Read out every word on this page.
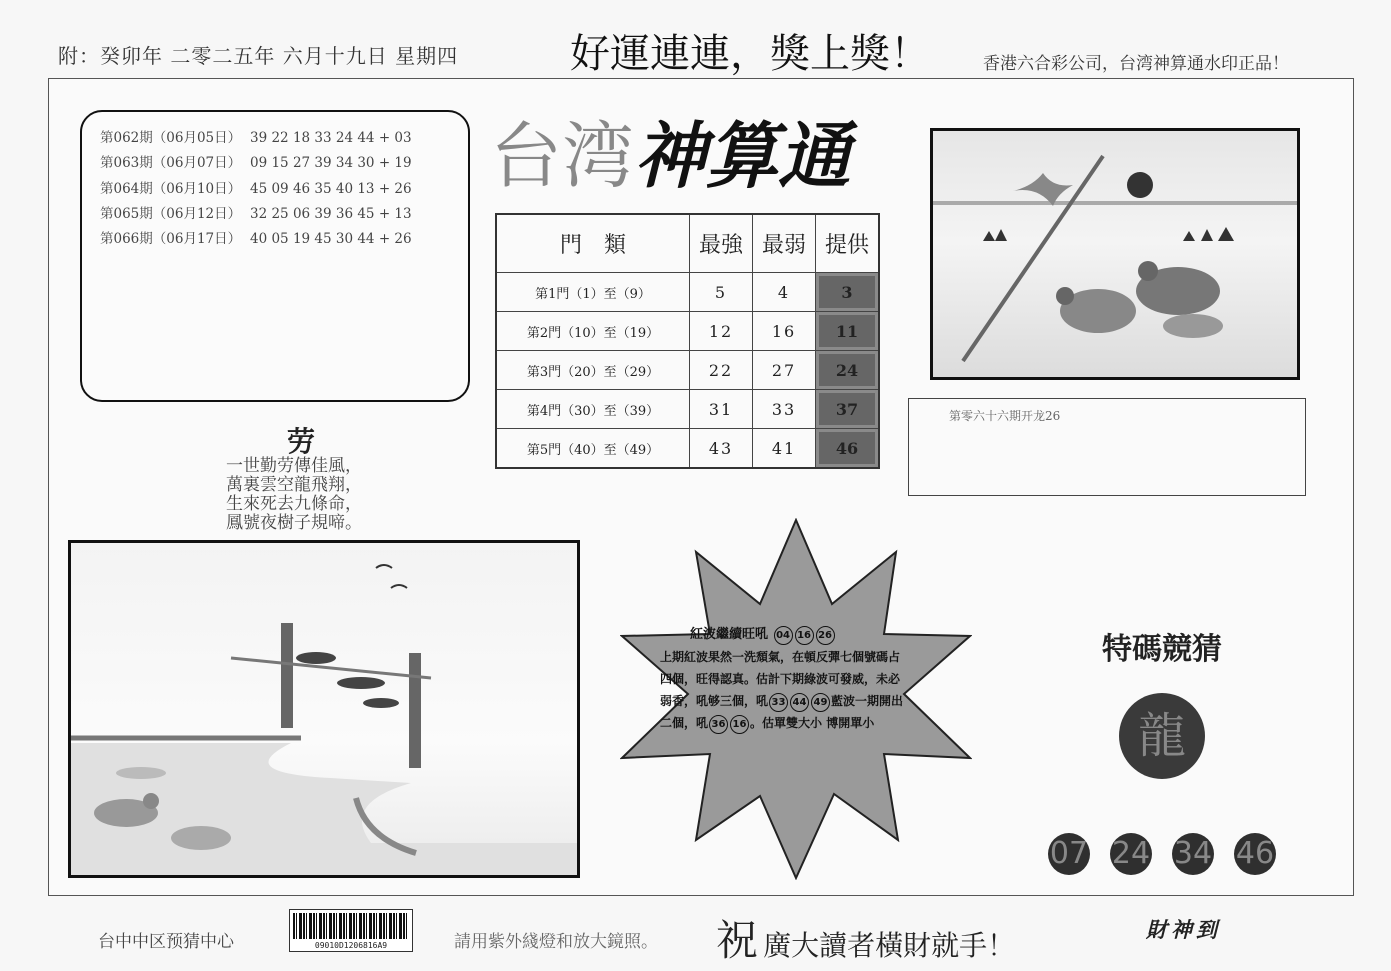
附：癸卯年 二零二五年 六月十九日 星期四	好運連連，獎上獎！	香港六合彩公司，台湾神算通水印正品！
第062期（06月05日） 39 22 18 33 24 44 + 03
第063期（06月07日） 09 15 27 39 34 30 + 19
第064期（06月10日） 45 09 46 35 40 13 + 26
第065期（06月12日） 32 25 06 39 36 45 + 13
第066期（06月17日） 40 05 19 45 30 44 + 26
台湾神算通
門　類	最強	最弱	提供
第1門（1）至（9）	5	4	3
第2門（10）至（19）	12	16	11
第3門（20）至（29）	22	27	24
第4門（30）至（39）	31	33	37
第5門（40）至（49）	43	41	46
第零六十六期开龙26
劳
一世勤劳傳佳風，
萬裏雲空龍飛翔，
生來死去九條命，
鳳號夜樹子規啼。
紅波繼續旺吼 04 16 26
上期紅波果然一洗頹氣，在頓反彈七個號碼占
四個，旺得認真。估計下期綠波可發威，未必
弱香，吼够三個，吼 33 44 49 藍波一期開出
二個，吼 36 16 。估單雙大小 博開單小
特碼競猜
龍
07 24 34 46
台中中区预猜中心	09010D1206816A9	請用紫外綫燈和放大鏡照。 祝 廣大讀者橫財就手！	財神到
